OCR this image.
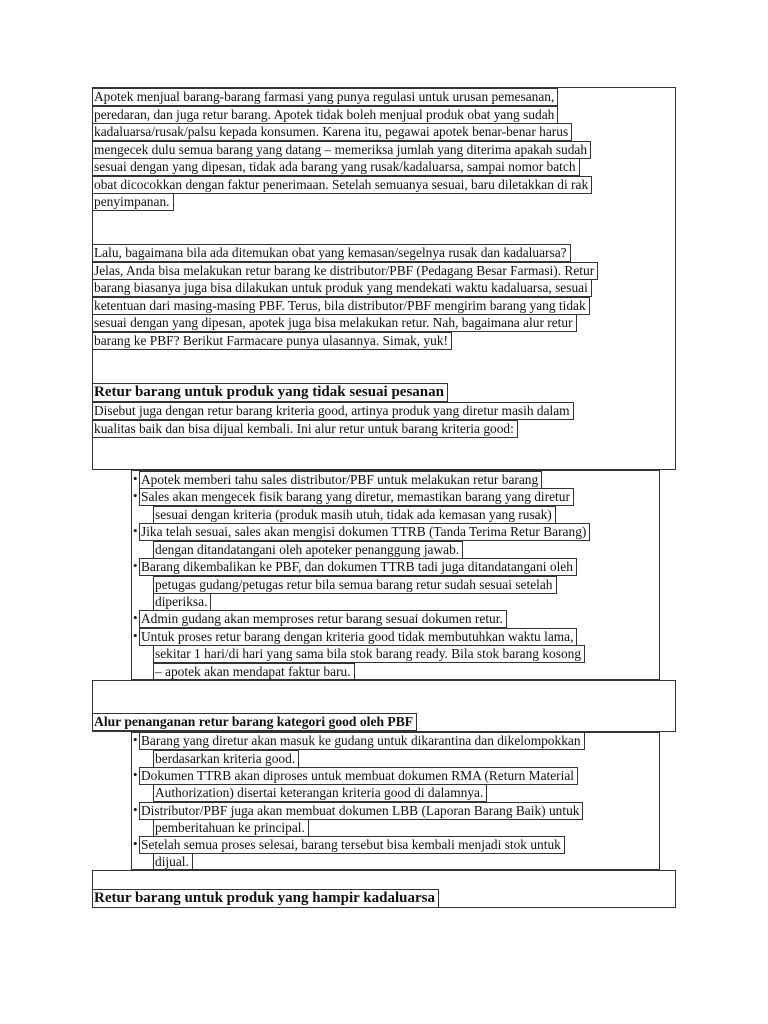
Apotek menjual barang-barang farmasi yang punya regulasi untuk urusan pemesanan,
peredaran, dan juga retur barang. Apotek tidak boleh menjual produk obat yang sudah
kadaluarsa/rusak/palsu kepada konsumen. Karena itu, pegawai apotek benar-benar harus
mengecek dulu semua barang yang datang – memeriksa jumlah yang diterima apakah sudah
sesuai dengan yang dipesan, tidak ada barang yang rusak/kadaluarsa, sampai nomor batch
obat dicocokkan dengan faktur penerimaan. Setelah semuanya sesuai, baru diletakkan di rak
penyimpanan.
Lalu, bagaimana bila ada ditemukan obat yang kemasan/segelnya rusak dan kadaluarsa?
Jelas, Anda bisa melakukan retur barang ke distributor/PBF (Pedagang Besar Farmasi). Retur
barang biasanya juga bisa dilakukan untuk produk yang mendekati waktu kadaluarsa, sesuai
ketentuan dari masing-masing PBF. Terus, bila distributor/PBF mengirim barang yang tidak
sesuai dengan yang dipesan, apotek juga bisa melakukan retur. Nah, bagaimana alur retur
barang ke PBF? Berikut Farmacare punya ulasannya. Simak, yuk!
Retur barang untuk produk yang tidak sesuai pesanan
Disebut juga dengan retur barang kriteria good, artinya produk yang diretur masih dalam
kualitas baik dan bisa dijual kembali. Ini alur retur untuk barang kriteria good:
• Apotek memberi tahu sales distributor/PBF untuk melakukan retur barang
• Sales akan mengecek fisik barang yang diretur, memastikan barang yang diretur
sesuai dengan kriteria (produk masih utuh, tidak ada kemasan yang rusak)
• Jika telah sesuai, sales akan mengisi dokumen TTRB (Tanda Terima Retur Barang)
dengan ditandatangani oleh apoteker penanggung jawab.
• Barang dikembalikan ke PBF, dan dokumen TTRB tadi juga ditandatangani oleh
petugas gudang/petugas retur bila semua barang retur sudah sesuai setelah
diperiksa.
• Admin gudang akan memproses retur barang sesuai dokumen retur.
• Untuk proses retur barang dengan kriteria good tidak membutuhkan waktu lama,
sekitar 1 hari/di hari yang sama bila stok barang ready. Bila stok barang kosong
– apotek akan mendapat faktur baru.
Alur penanganan retur barang kategori good oleh PBF
• Barang yang diretur akan masuk ke gudang untuk dikarantina dan dikelompokkan
berdasarkan kriteria good.
• Dokumen TTRB akan diproses untuk membuat dokumen RMA (Return Material
Authorization) disertai keterangan kriteria good di dalamnya.
• Distributor/PBF juga akan membuat dokumen LBB (Laporan Barang Baik) untuk
pemberitahuan ke principal.
• Setelah semua proses selesai, barang tersebut bisa kembali menjadi stok untuk
dijual.
Retur barang untuk produk yang hampir kadaluarsa
